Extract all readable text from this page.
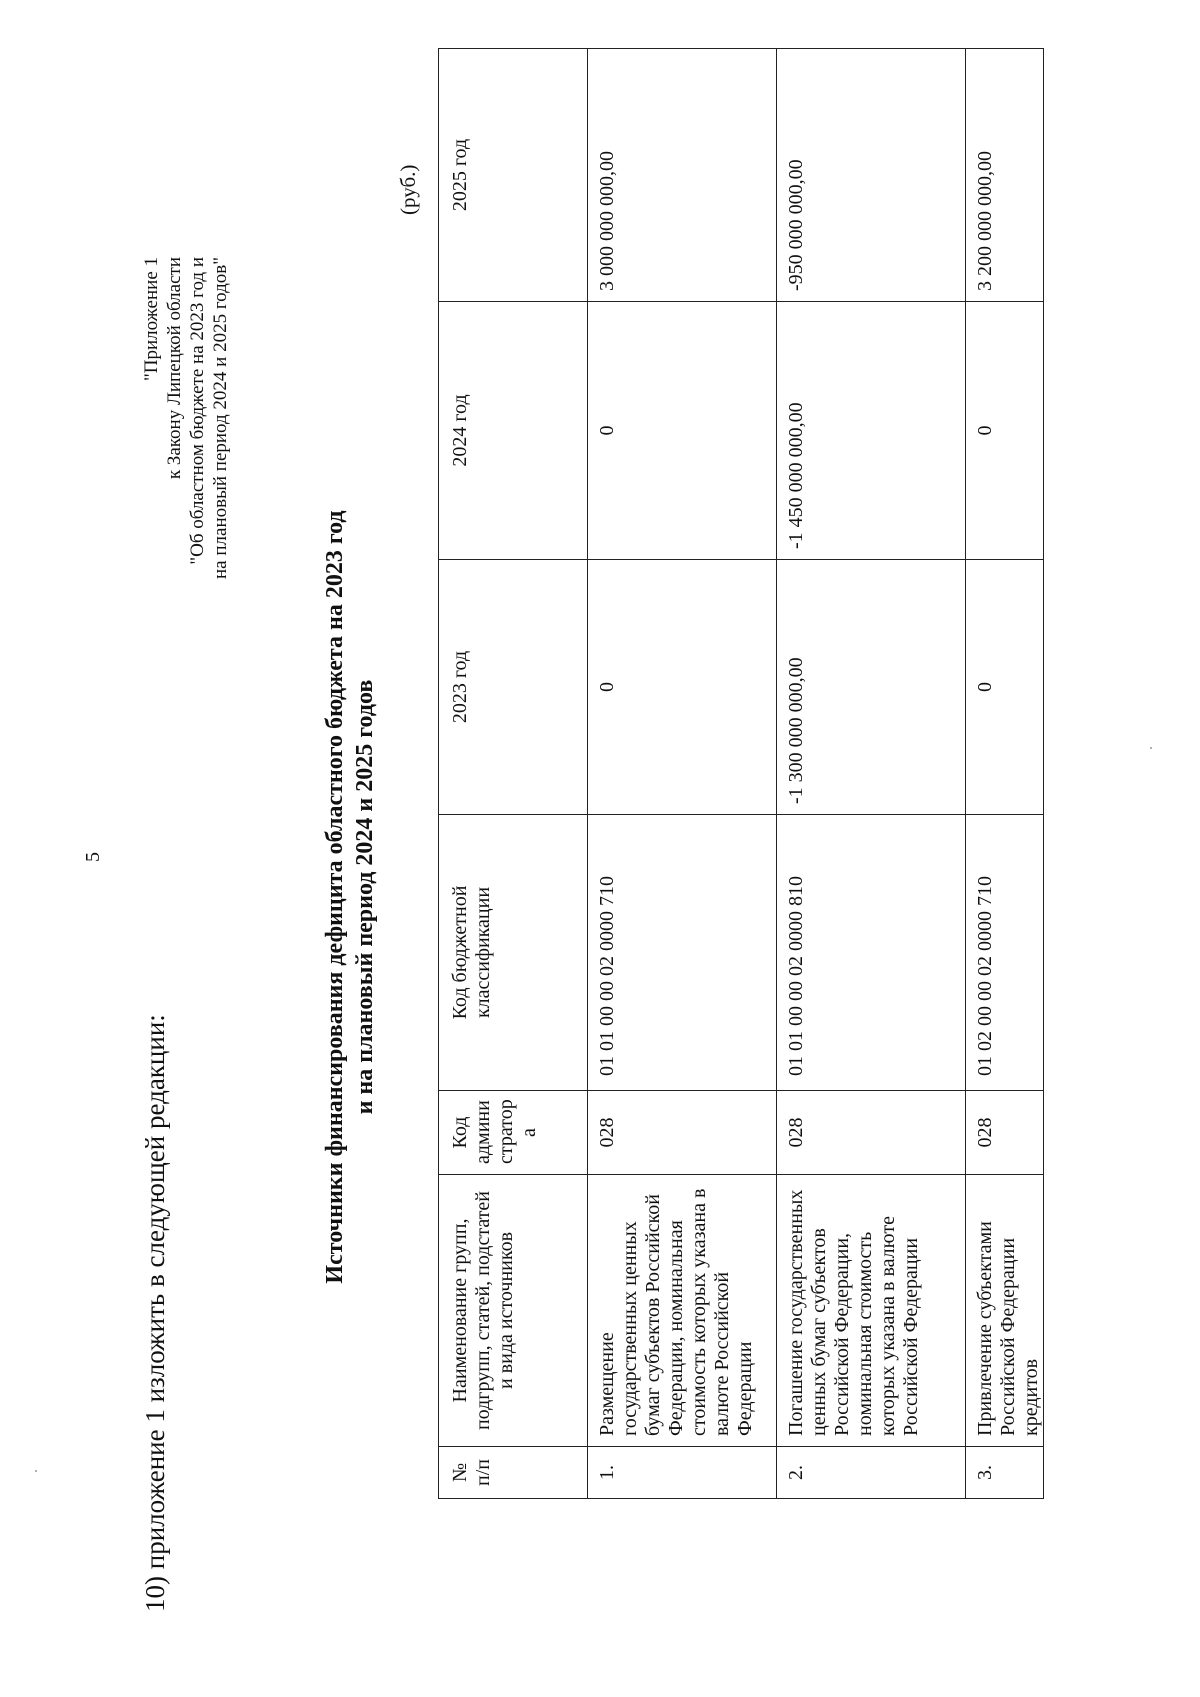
5
10) приложение 1 изложить в следующей редакции:
"Приложение 1 к Закону Липецкой области "Об областном бюджете на 2023 год и на плановый период 2024 и 2025 годов"
Источники финансирования дефицита областного бюджета на 2023 год и на плановый период 2024 и 2025 годов
(руб.)
№ п/п	Наименование групп, подгрупп, статей, подстатей и вида источников	Код админи стратор а	Код бюджетной классификации	2023 год	2024 год	2025 год
1.	Размещение государственных ценных бумаг субъектов Российской Федерации, номинальная стоимость которых указана в валюте Российской Федерации	028	01 01 00 00 02 0000 710	0	0	3 000 000 000,00
2.	Погашение государственных ценных бумаг субъектов Российской Федерации, номинальная стоимость которых указана в валюте Российской Федерации	028	01 01 00 00 02 0000 810	-1 300 000 000,00	-1 450 000 000,00	-950 000 000,00
3.	Привлечение субъектами Российской Федерации кредитов	028	01 02 00 00 02 0000 710	0	0	3 200 000 000,00
